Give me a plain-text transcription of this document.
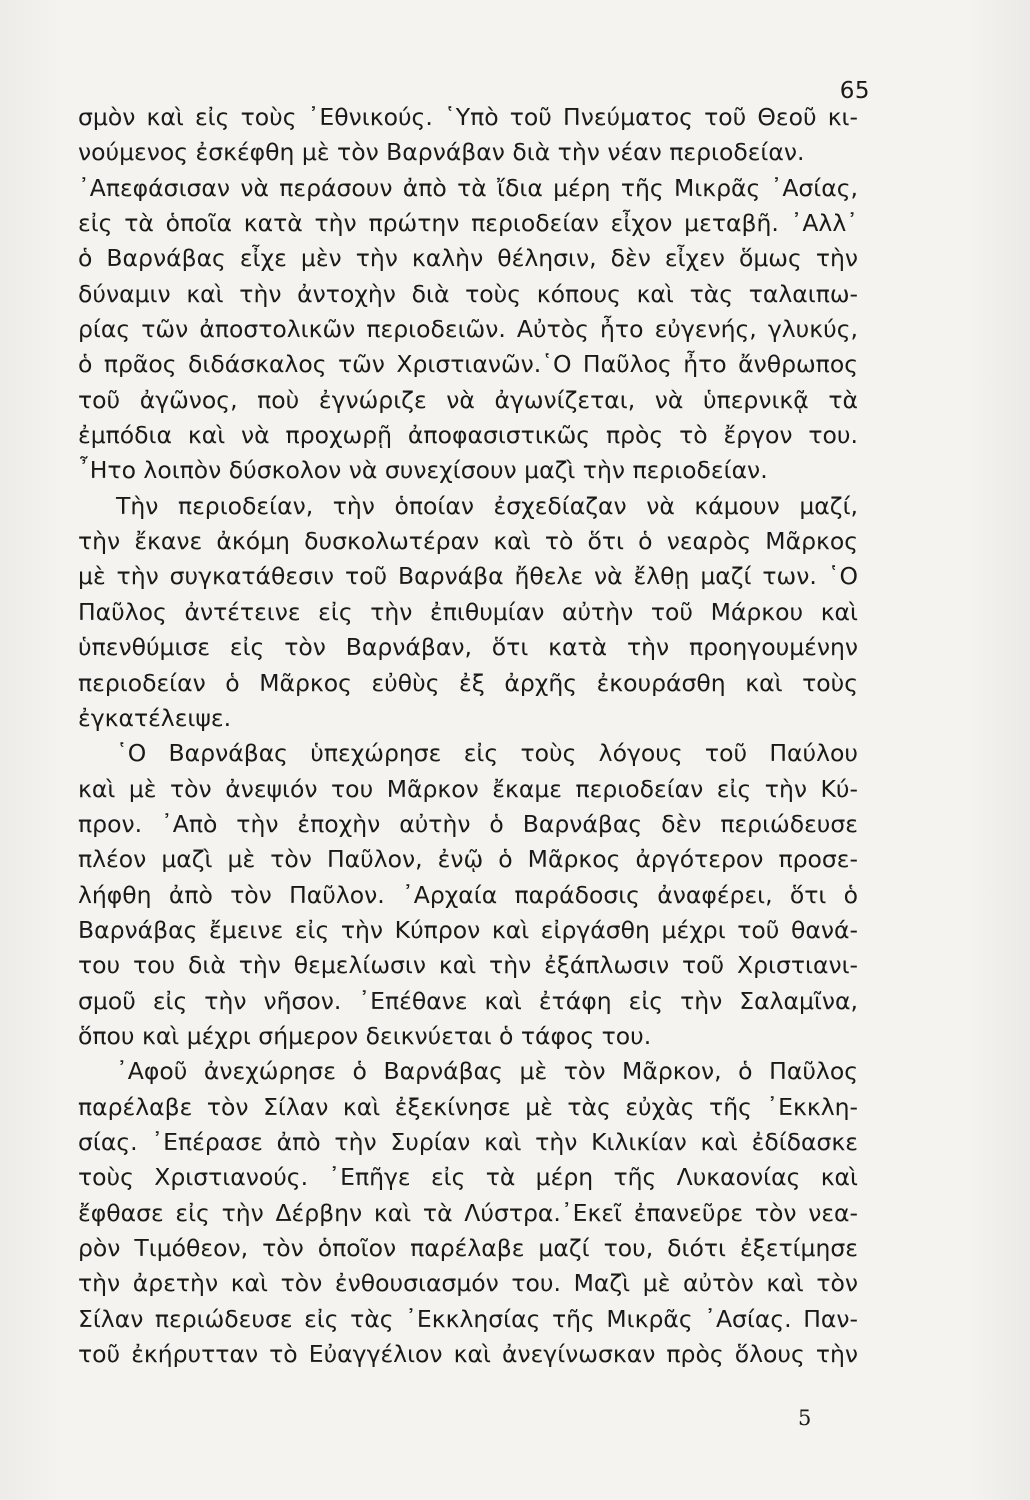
65
σμὸν καὶ εἰς τοὺς ᾿Εθνικούς. ῾Υπὸ τοῦ Πνεύματος τοῦ Θεοῦ κι-
νούμενος ἐσκέφθη μὲ τὸν Βαρνάβαν διὰ τὴν νέαν περιοδείαν.
᾿Απεφάσισαν νὰ περάσουν ἀπὸ τὰ ἴδια μέρη τῆς Μικρᾶς ᾿Ασίας,
εἰς τὰ ὁποῖα κατὰ τὴν πρώτην περιοδείαν εἶχον μεταβῆ. ᾿Αλλ᾿
ὁ Βαρνάβας εἶχε μὲν τὴν καλὴν θέλησιν, δὲν εἶχεν ὅμως τὴν
δύναμιν καὶ τὴν ἀντοχὴν διὰ τοὺς κόπους καὶ τὰς ταλαιπω-
ρίας τῶν ἀποστολικῶν περιοδειῶν. Αὐτὸς ἦτο εὐγενής, γλυκύς,
ὁ πρᾶος διδάσκαλος τῶν Χριστιανῶν.῾Ο Παῦλος ἦτο ἄνθρωπος
τοῦ ἀγῶνος, ποὺ ἐγνώριζε νὰ ἀγωνίζεται, νὰ ὑπερνικᾷ τὰ
ἐμπόδια καὶ νὰ προχωρῇ ἀποφασιστικῶς πρὸς τὸ ἔργον του.
῏Ητο λοιπὸν δύσκολον νὰ συνεχίσουν μαζὶ τὴν περιοδείαν.
Τὴν περιοδείαν, τὴν ὁποίαν ἐσχεδίαζαν νὰ κάμουν μαζί,
τὴν ἔκανε ἀκόμη δυσκολωτέραν καὶ τὸ ὅτι ὁ νεαρὸς Μᾶρκος
μὲ τὴν συγκατάθεσιν τοῦ Βαρνάβα ἤθελε νὰ ἔλθῃ μαζί των. ῾Ο
Παῦλος ἀντέτεινε εἰς τὴν ἐπιθυμίαν αὐτὴν τοῦ Μάρκου καὶ
ὑπενθύμισε εἰς τὸν Βαρνάβαν, ὅτι κατὰ τὴν προηγουμένην
περιοδείαν ὁ Μᾶρκος εὐθὺς ἐξ ἀρχῆς ἐκουράσθη καὶ τοὺς
ἐγκατέλειψε.
῾Ο Βαρνάβας ὑπεχώρησε εἰς τοὺς λόγους τοῦ Παύλου
καὶ μὲ τὸν ἀνεψιόν του Μᾶρκον ἔκαμε περιοδείαν εἰς τὴν Κύ-
προν. ᾿Απὸ τὴν ἐποχὴν αὐτὴν ὁ Βαρνάβας δὲν περιώδευσε
πλέον μαζὶ μὲ τὸν Παῦλον, ἐνῷ ὁ Μᾶρκος ἀργότερον προσε-
λήφθη ἀπὸ τὸν Παῦλον. ᾿Αρχαία παράδοσις ἀναφέρει, ὅτι ὁ
Βαρνάβας ἔμεινε εἰς τὴν Κύπρον καὶ εἰργάσθη μέχρι τοῦ θανά-
του του διὰ τὴν θεμελίωσιν καὶ τὴν ἐξάπλωσιν τοῦ Χριστιανι-
σμοῦ εἰς τὴν νῆσον. ᾿Επέθανε καὶ ἐτάφη εἰς τὴν Σαλαμῖνα,
ὅπου καὶ μέχρι σήμερον δεικνύεται ὁ τάφος του.
᾿Αφοῦ ἀνεχώρησε ὁ Βαρνάβας μὲ τὸν Μᾶρκον, ὁ Παῦλος
παρέλαβε τὸν Σίλαν καὶ ἐξεκίνησε μὲ τὰς εὐχὰς τῆς ᾿Εκκλη-
σίας. ᾿Επέρασε ἀπὸ τὴν Συρίαν καὶ τὴν Κιλικίαν καὶ ἐδίδασκε
τοὺς Χριστιανούς. ᾿Επῆγε εἰς τὰ μέρη τῆς Λυκαονίας καὶ
ἔφθασε εἰς τὴν Δέρβην καὶ τὰ Λύστρα.᾿Εκεῖ ἐπανεῦρε τὸν νεα-
ρὸν Τιμόθεον, τὸν ὁποῖον παρέλαβε μαζί του, διότι ἐξετίμησε
τὴν ἀρετὴν καὶ τὸν ἐνθουσιασμόν του. Μαζὶ μὲ αὐτὸν καὶ τὸν
Σίλαν περιώδευσε εἰς τὰς ᾿Εκκλησίας τῆς Μικρᾶς ᾿Ασίας. Παν-
τοῦ ἐκήρυτταν τὸ Εὐαγγέλιον καὶ ἀνεγίνωσκαν πρὸς ὅλους τὴν
5
